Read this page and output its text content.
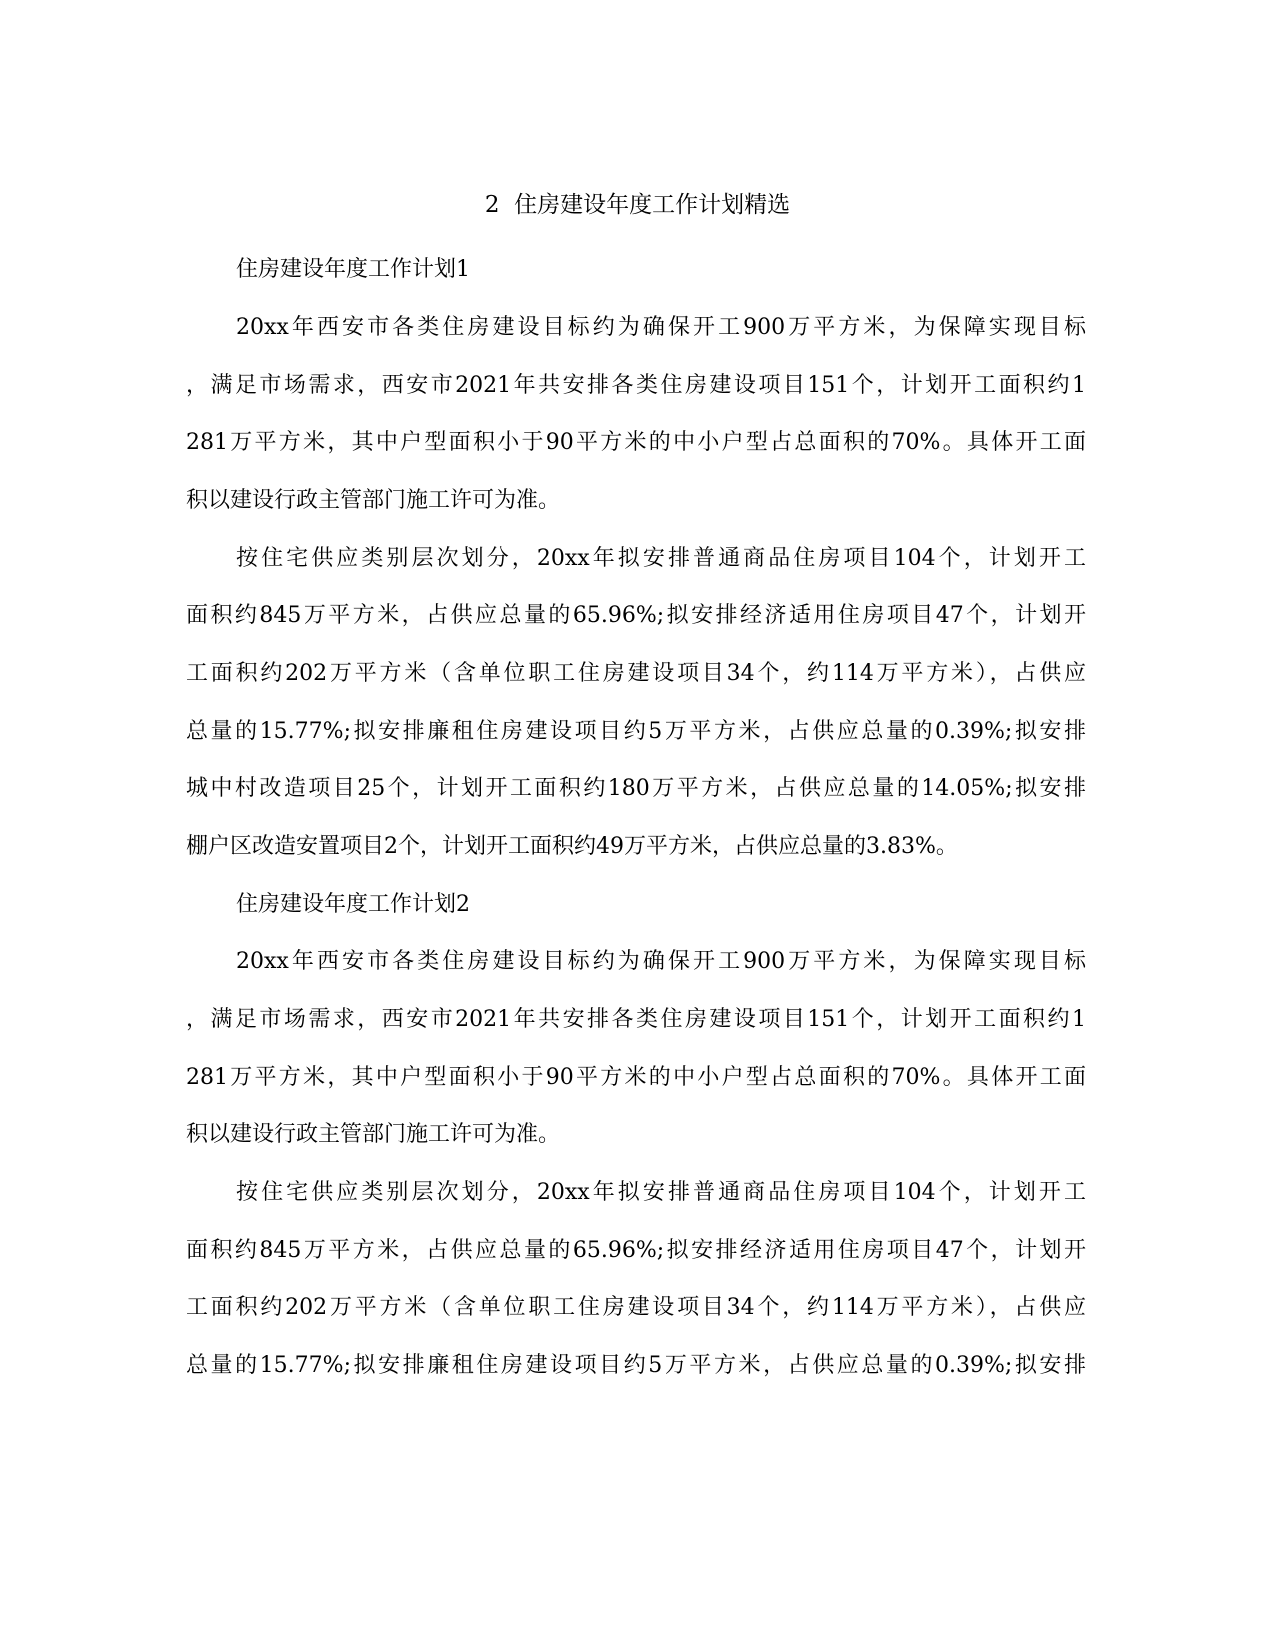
2  住房建设年度工作计划精选
住房建设年度工作计划1
20xx年西安市各类住房建设目标约为确保开工900万平方米，为保障实现目标
，满足市场需求，西安市2021年共安排各类住房建设项目151个，计划开工面积约1
281万平方米，其中户型面积小于90平方米的中小户型占总面积的70%。具体开工面
积以建设行政主管部门施工许可为准。
按住宅供应类别层次划分，20xx年拟安排普通商品住房项目104个，计划开工
面积约845万平方米，占供应总量的65.96%;拟安排经济适用住房项目47个，计划开
工面积约202万平方米（含单位职工住房建设项目34个，约114万平方米），占供应
总量的15.77%;拟安排廉租住房建设项目约5万平方米，占供应总量的0.39%;拟安排
城中村改造项目25个，计划开工面积约180万平方米，占供应总量的14.05%;拟安排
棚户区改造安置项目2个，计划开工面积约49万平方米，占供应总量的3.83%。
住房建设年度工作计划2
20xx年西安市各类住房建设目标约为确保开工900万平方米，为保障实现目标
，满足市场需求，西安市2021年共安排各类住房建设项目151个，计划开工面积约1
281万平方米，其中户型面积小于90平方米的中小户型占总面积的70%。具体开工面
积以建设行政主管部门施工许可为准。
按住宅供应类别层次划分，20xx年拟安排普通商品住房项目104个，计划开工
面积约845万平方米，占供应总量的65.96%;拟安排经济适用住房项目47个，计划开
工面积约202万平方米（含单位职工住房建设项目34个，约114万平方米），占供应
总量的15.77%;拟安排廉租住房建设项目约5万平方米，占供应总量的0.39%;拟安排
